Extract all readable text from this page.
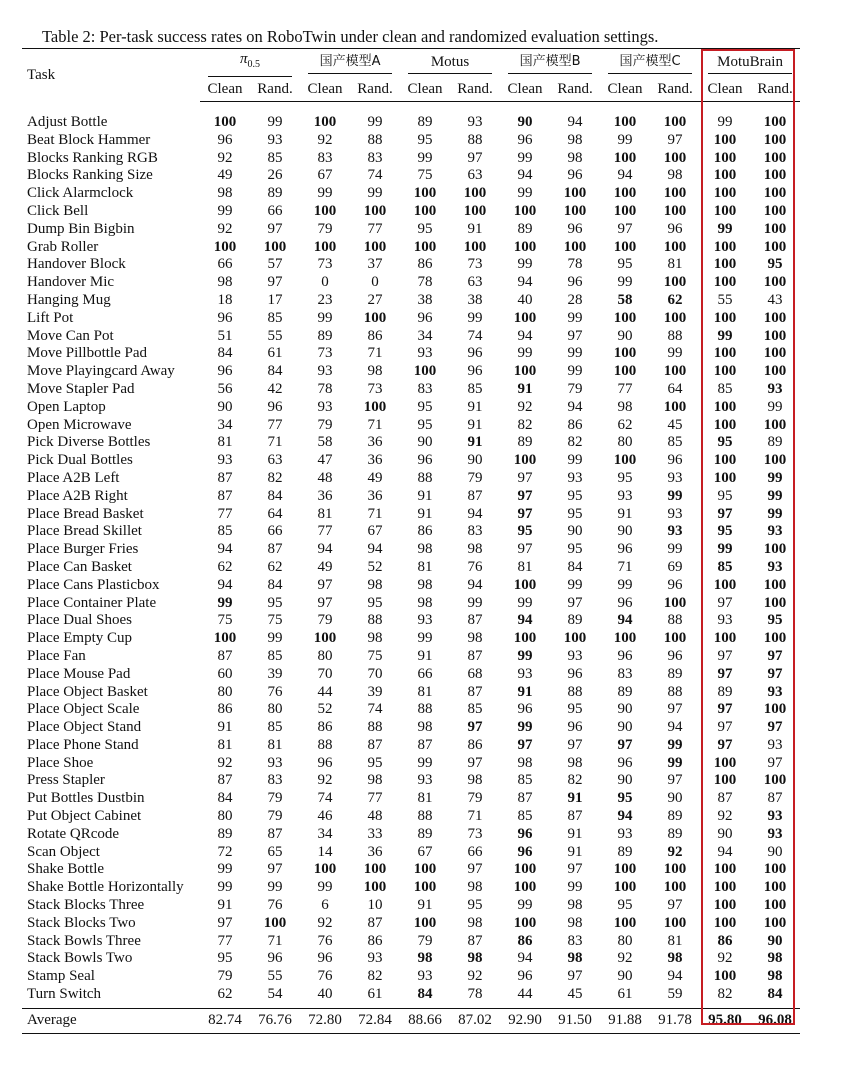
Table 2: Per-task success rates on RoboTwin under clean and randomized evaluation settings.
Task	$\pi_{0.5}$		国产模型A		Motus		国产模型B		国产模型C		MotuBrain	

	Clean	Rand.	Clean	Rand.	Clean	Rand.	Clean	Rand.	Clean	Rand.	Clean	Rand.
Adjust Bottle	100	99	100	99	89	93	90	94	100	100	99	100
Beat Block Hammer	96	93	92	88	95	88	96	98	99	97	100	100
Blocks Ranking RGB	92	85	83	83	99	97	99	98	100	100	100	100
Blocks Ranking Size	49	26	67	74	75	63	94	96	94	98	100	100
Click Alarmclock	98	89	99	99	100	100	99	100	100	100	100	100
Click Bell	99	66	100	100	100	100	100	100	100	100	100	100
Dump Bin Bigbin	92	97	79	77	95	91	89	96	97	96	99	100
Grab Roller	100	100	100	100	100	100	100	100	100	100	100	100
Handover Block	66	57	73	37	86	73	99	78	95	81	100	95
Handover Mic	98	97	0	0	78	63	94	96	99	100	100	100
Hanging Mug	18	17	23	27	38	38	40	28	58	62	55	43
Lift Pot	96	85	99	100	96	99	100	99	100	100	100	100
Move Can Pot	51	55	89	86	34	74	94	97	90	88	99	100
Move Pillbottle Pad	84	61	73	71	93	96	99	99	100	99	100	100
Move Playingcard Away	96	84	93	98	100	96	100	99	100	100	100	100
Move Stapler Pad	56	42	78	73	83	85	91	79	77	64	85	93
Open Laptop	90	96	93	100	95	91	92	94	98	100	100	99
Open Microwave	34	77	79	71	95	91	82	86	62	45	100	100
Pick Diverse Bottles	81	71	58	36	90	91	89	82	80	85	95	89
Pick Dual Bottles	93	63	47	36	96	90	100	99	100	96	100	100
Place A2B Left	87	82	48	49	88	79	97	93	95	93	100	99
Place A2B Right	87	84	36	36	91	87	97	95	93	99	95	99
Place Bread Basket	77	64	81	71	91	94	97	95	91	93	97	99
Place Bread Skillet	85	66	77	67	86	83	95	90	90	93	95	93
Place Burger Fries	94	87	94	94	98	98	97	95	96	99	99	100
Place Can Basket	62	62	49	52	81	76	81	84	71	69	85	93
Place Cans Plasticbox	94	84	97	98	98	94	100	99	99	96	100	100
Place Container Plate	99	95	97	95	98	99	99	97	96	100	97	100
Place Dual Shoes	75	75	79	88	93	87	94	89	94	88	93	95
Place Empty Cup	100	99	100	98	99	98	100	100	100	100	100	100
Place Fan	87	85	80	75	91	87	99	93	96	96	97	97
Place Mouse Pad	60	39	70	70	66	68	93	96	83	89	97	97
Place Object Basket	80	76	44	39	81	87	91	88	89	88	89	93
Place Object Scale	86	80	52	74	88	85	96	95	90	97	97	100
Place Object Stand	91	85	86	88	98	97	99	96	90	94	97	97
Place Phone Stand	81	81	88	87	87	86	97	97	97	99	97	93
Place Shoe	92	93	96	95	99	97	98	98	96	99	100	97
Press Stapler	87	83	92	98	93	98	85	82	90	97	100	100
Put Bottles Dustbin	84	79	74	77	81	79	87	91	95	90	87	87
Put Object Cabinet	80	79	46	48	88	71	85	87	94	89	92	93
Rotate QRcode	89	87	34	33	89	73	96	91	93	89	90	93
Scan Object	72	65	14	36	67	66	96	91	89	92	94	90
Shake Bottle	99	97	100	100	100	97	100	97	100	100	100	100
Shake Bottle Horizontally	99	99	99	100	100	98	100	99	100	100	100	100
Stack Blocks Three	91	76	6	10	91	95	99	98	95	97	100	100
Stack Blocks Two	97	100	92	87	100	98	100	98	100	100	100	100
Stack Bowls Three	77	71	76	86	79	87	86	83	80	81	86	90
Stack Bowls Two	95	96	96	93	98	98	94	98	92	98	92	98
Stamp Seal	79	55	76	82	93	92	96	97	90	94	100	98
Turn Switch	62	54	40	61	84	78	44	45	61	59	82	84
Average	82.74	76.76	72.80	72.84	88.66	87.02	92.90	91.50	91.88	91.78	95.80	96.08
